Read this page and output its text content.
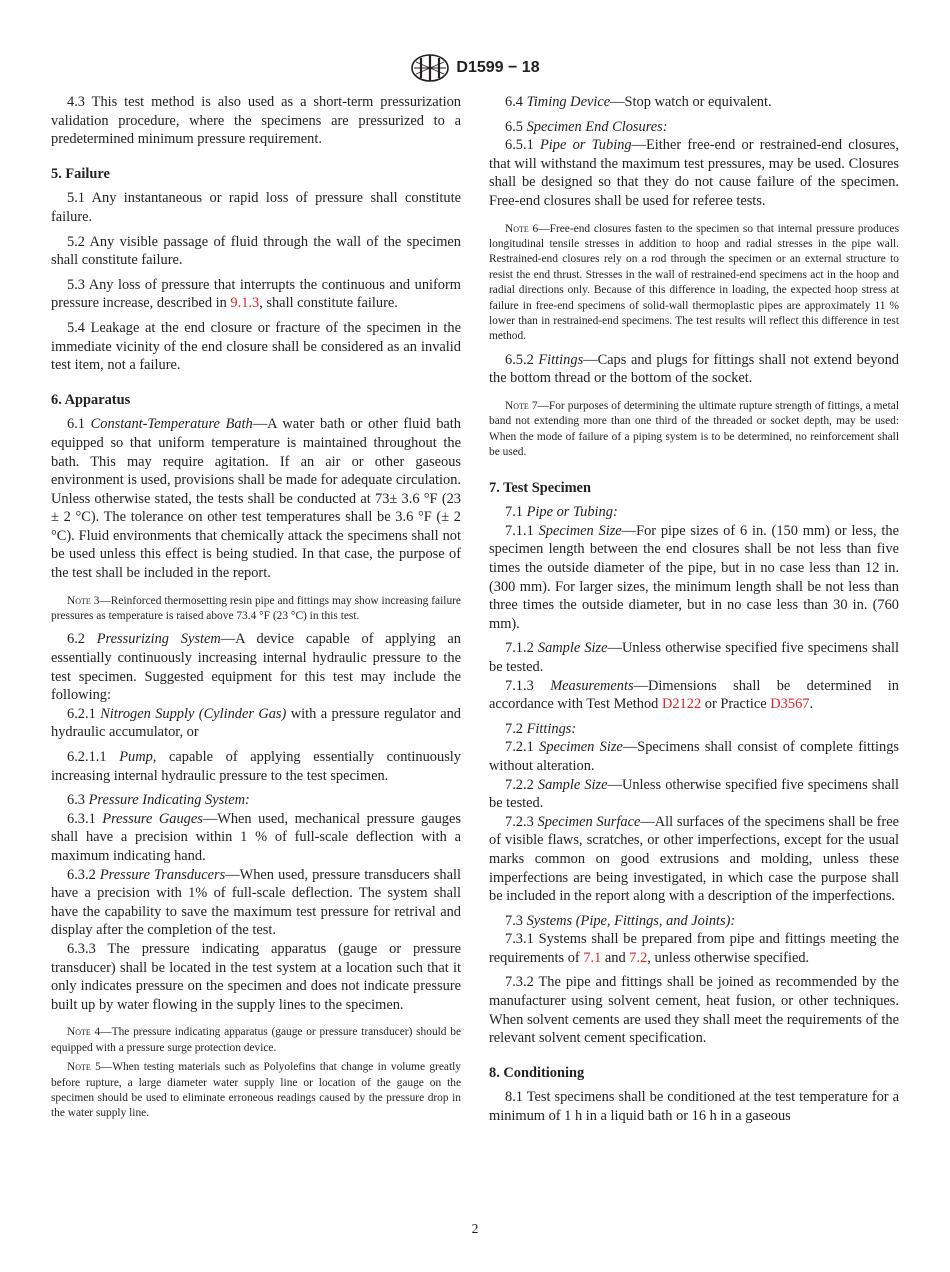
D1599 − 18

4.3 This test method is also used as a short-term pressurization validation procedure, where the specimens are pressurized to a predetermined minimum pressure requirement.

5. Failure

5.1 Any instantaneous or rapid loss of pressure shall constitute failure.

5.2 Any visible passage of fluid through the wall of the specimen shall constitute failure.

5.3 Any loss of pressure that interrupts the continuous and uniform pressure increase, described in 9.1.3, shall constitute failure.

5.4 Leakage at the end closure or fracture of the specimen in the immediate vicinity of the end closure shall be considered as an invalid test item, not a failure.

6. Apparatus

6.1 Constant-Temperature Bath—A water bath or other fluid bath equipped so that uniform temperature is maintained throughout the bath. This may require agitation. If an air or other gaseous environment is used, provisions shall be made for adequate circulation. Unless otherwise stated, the tests shall be conducted at 73± 3.6 °F (23 ± 2 °C). The tolerance on other test temperatures shall be 3.6 °F (± 2 °C). Fluid environments that chemically attack the specimens shall not be used unless this effect is being studied. In that case, the purpose of the test shall be included in the report.

Note 3—Reinforced thermosetting resin pipe and fittings may show increasing failure pressures as temperature is raised above 73.4 °F (23 °C) in this test.

6.2 Pressurizing System—A device capable of applying an essentially continuously increasing internal hydraulic pressure to the test specimen. Suggested equipment for this test may include the following:

6.2.1 Nitrogen Supply (Cylinder Gas) with a pressure regulator and hydraulic accumulator, or

6.2.1.1 Pump, capable of applying essentially continuously increasing internal hydraulic pressure to the test specimen.

6.3 Pressure Indicating System:

6.3.1 Pressure Gauges—When used, mechanical pressure gauges shall have a precision within 1 % of full-scale deflection with a maximum indicating hand.

6.3.2 Pressure Transducers—When used, pressure transducers shall have a precision with 1% of full-scale deflection. The system shall have the capability to save the maximum test pressure for retrival and display after the completion of the test.

6.3.3 The pressure indicating apparatus (gauge or pressure transducer) shall be located in the test system at a location such that it only indicates pressure on the specimen and does not indicate pressure built up by water flowing in the supply lines to the specimen.

Note 4—The pressure indicating apparatus (gauge or pressure transducer) should be equipped with a pressure surge protection device.
Note 5—When testing materials such as Polyolefins that change in volume greatly before rupture, a large diameter water supply line or location of the gauge on the specimen should be used to eliminate erroneous readings caused by the pressure drop in the water supply line.

6.4 Timing Device—Stop watch or equivalent.

6.5 Specimen End Closures:

6.5.1 Pipe or Tubing—Either free-end or restrained-end closures, that will withstand the maximum test pressures, may be used. Closures shall be designed so that they do not cause failure of the specimen. Free-end closures shall be used for referee tests.

Note 6—Free-end closures fasten to the specimen so that internal pressure produces longitudinal tensile stresses in addition to hoop and radial stresses in the pipe wall. Restrained-end closures rely on a rod through the specimen or an external structure to resist the end thrust. Stresses in the wall of restrained-end specimens act in the hoop and radial directions only. Because of this difference in loading, the expected hoop stress at failure in free-end specimens of solid-wall thermoplastic pipes are approximately 11 % lower than in restrained-end specimens. The test results will reflect this difference in test method.

6.5.2 Fittings—Caps and plugs for fittings shall not extend beyond the bottom thread or the bottom of the socket.

Note 7—For purposes of determining the ultimate rupture strength of fittings, a metal band not extending more than one third of the threaded or socket depth, may be used: When the mode of failure of a piping system is to be determined, no reinforcement shall be used.
7. Test Specimen

7.1 Pipe or Tubing:

7.1.1 Specimen Size—For pipe sizes of 6 in. (150 mm) or less, the specimen length between the end closures shall be not less than five times the outside diameter of the pipe, but in no case less than 12 in. (300 mm). For larger sizes, the minimum length shall be not less than three times the outside diameter, but in no case less than 30 in. (760 mm).

7.1.2 Sample Size—Unless otherwise specified five specimens shall be tested.

7.1.3 Measurements—Dimensions shall be determined in accordance with Test Method D2122 or Practice D3567.

7.2 Fittings:

7.2.1 Specimen Size—Specimens shall consist of complete fittings without alteration.

7.2.2 Sample Size—Unless otherwise specified five specimens shall be tested.

7.2.3 Specimen Surface—All surfaces of the specimens shall be free of visible flaws, scratches, or other imperfections, except for the usual marks common on good extrusions and molding, unless these imperfections are being investigated, in which case the purpose shall be included in the report along with a description of the imperfections.

7.3 Systems (Pipe, Fittings, and Joints):

7.3.1 Systems shall be prepared from pipe and fittings meeting the requirements of 7.1 and 7.2, unless otherwise specified.

7.3.2 The pipe and fittings shall be joined as recommended by the manufacturer using solvent cement, heat fusion, or other techniques. When solvent cements are used they shall meet the requirements of the relevant solvent cement specification.

8. Conditioning

8.1 Test specimens shall be conditioned at the test temperature for a minimum of 1 h in a liquid bath or 16 h in a gaseous

2
